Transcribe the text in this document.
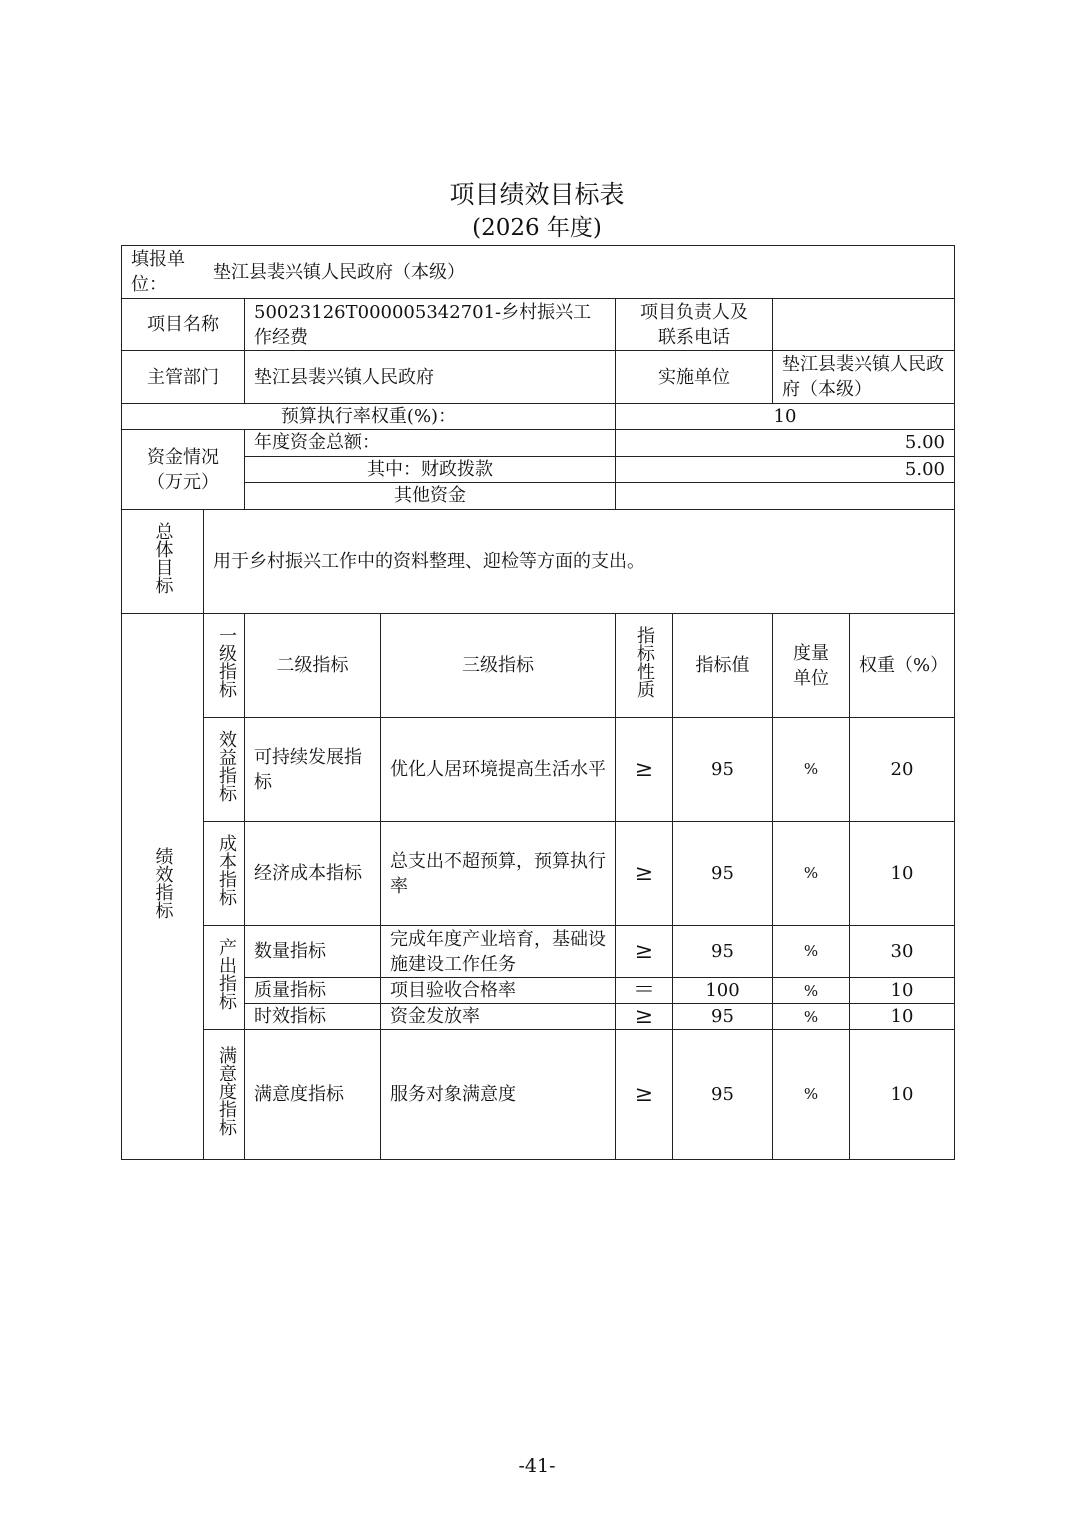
项目绩效目标表
(2026 年度)
填报单位：
垫江县裴兴镇人民政府（本级）							

项目名称		50023126T000005342701-乡村振兴工作经费		项目负责人及联系电话			
主管部门		垫江县裴兴镇人民政府		实施单位		垫江县裴兴镇人民政府（本级）	
预算执行率权重(%)：				10			
资金情况（万元）		年度资金总额：		5.00			
		其中：财政拨款		5.00			
		其他资金					
总体目标	用于乡村振兴工作中的资料整理、迎检等方面的支出。						
绩效指标	一级指标	二级指标	三级指标	指标性质	指标值	度量单位	权重（%）
	效益指标	可持续发展指标	优化人居环境提高生活水平	≥	95	%	20
	成本指标	经济成本指标	总支出不超预算，预算执行率	≥	95	%	10
	产出指标	数量指标	完成年度产业培育，基础设施建设工作任务	≥	95	%	30
		质量指标	项目验收合格率	＝	100	%	10
		时效指标	资金发放率	≥	95	%	10
	满意度指标	满意度指标	服务对象满意度	≥	95	%	10
-41-
